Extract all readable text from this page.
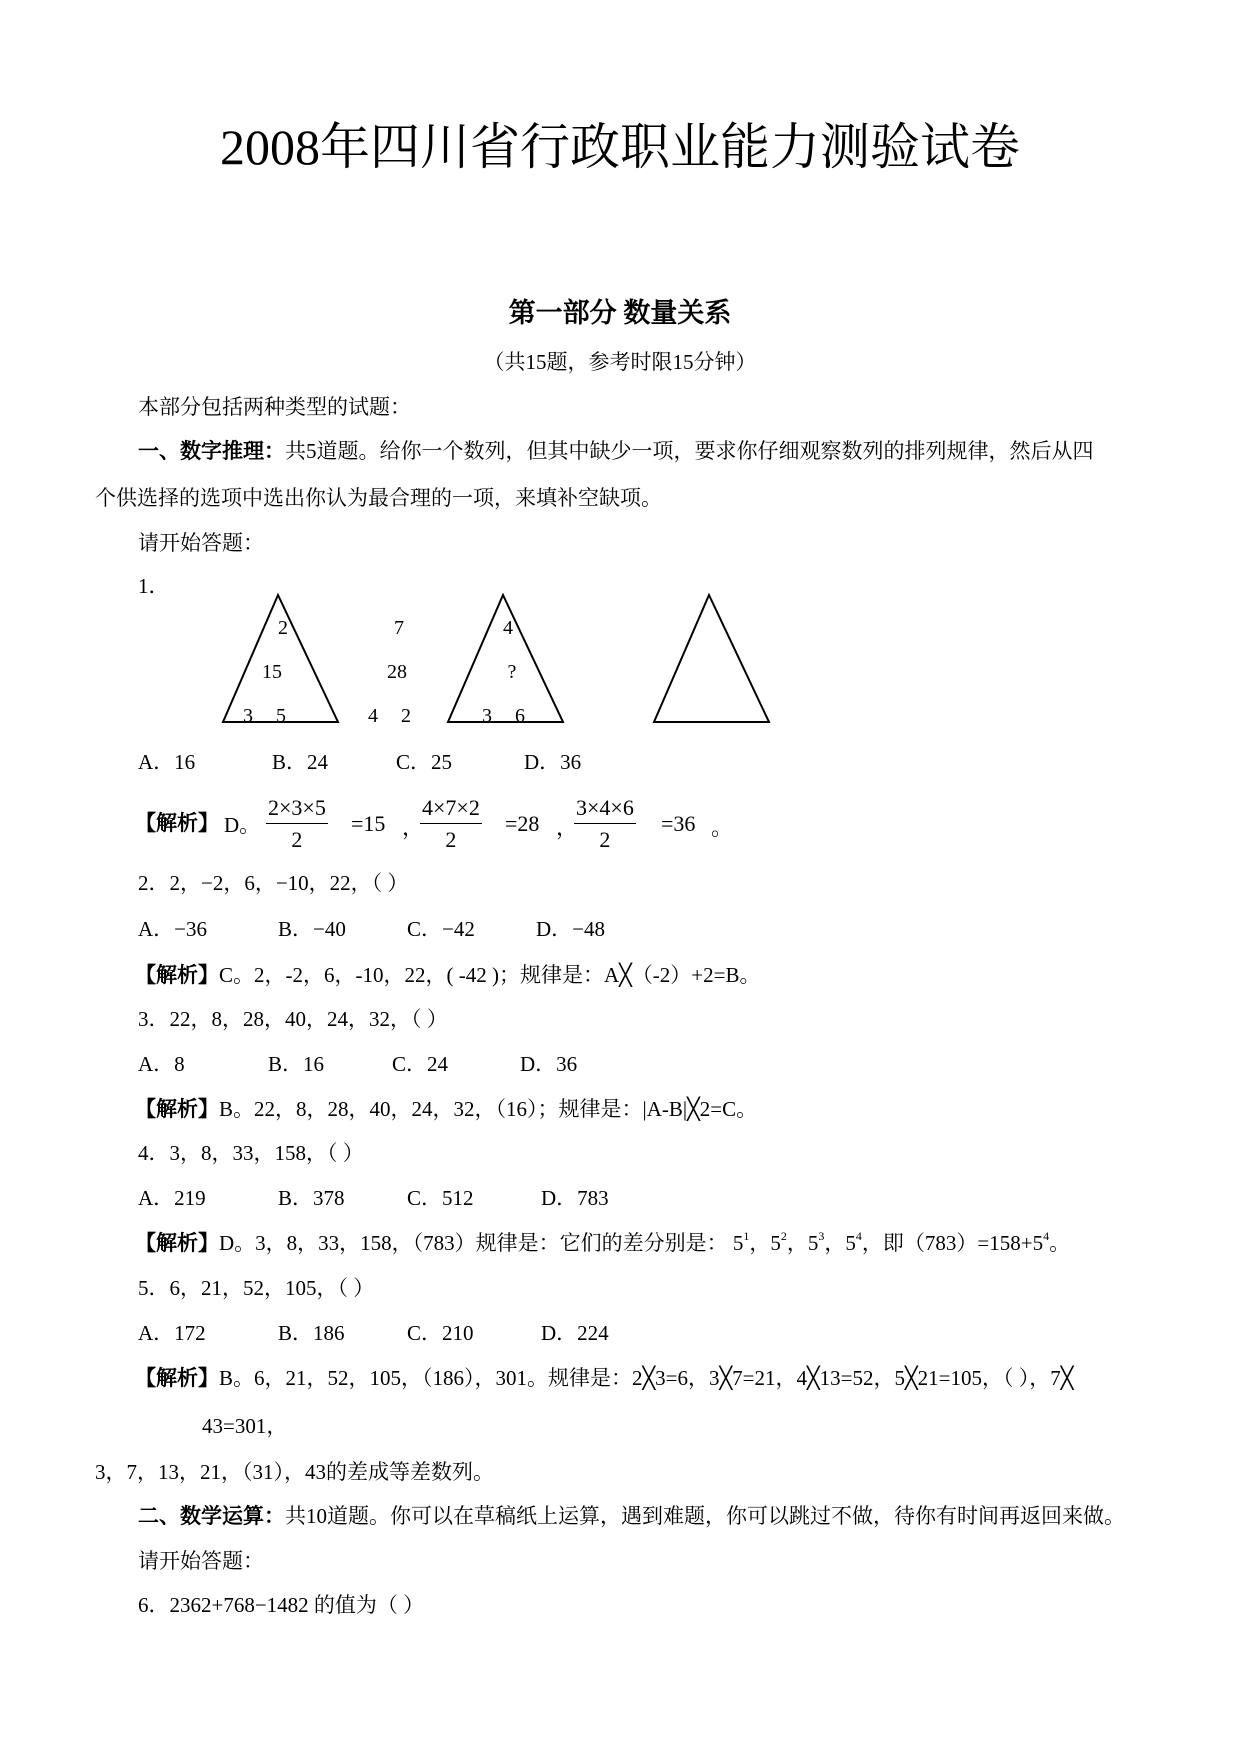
2008年四川省行政职业能力测验试卷
第一部分 数量关系
（共15题，参考时限15分钟）
本部分包括两种类型的试题：
一、数字推理：共5道题。给你一个数列，但其中缺少一项，要求你仔细观察数列的排列规律，然后从四
个供选择的选项中选出你认为最合理的一项，来填补空缺项。
请开始答题：
1．
2
15
3 5
7
28
4 2
4
?
3 6
A．16	B．24	C．25	D．36
【解析】 D。 $\frac{2\times 3\times 5}{2} =15$ ，
$\frac{4\times 7\times 2}{2} =28$ ，
$\frac{3\times 4\times 6}{2} =36$ 。
2．2，−2，6，−10，22，（ ）
A．−36	B．−40	C．−42	D．−48
【解析】C。2，-2，6，-10，22，( -42 )；规律是：A╳（-2）+2=B。
3．22，8，28，40，24，32，（ ）
A．8	B．16	C．24	D．36
【解析】B。22，8，28，40，24，32，（16）；规律是：|A-B|╳2=C。
4．3，8，33，158，（ ）
A．219	B．378	C．512	D．783
【解析】D。3，8，33，158，（783）规律是：它们的差分别是： $5^1$，$5^2$，$5^3$，$5^4$，即$(783)=158+5^4$。
5．6，21，52，105，（ ）
A．172	B．186	C．210	D．224
【解析】B。6，21，52，105，（186），301。规律是：2╳3=6，3╳7=21，4╳13=52，5╳21=105，（ ），7╳
43=301，
3，7，13，21，（31），43的差成等差数列。
二、数学运算：共10道题。你可以在草稿纸上运算，遇到难题，你可以跳过不做，待你有时间再返回来做。
请开始答题：
6．2362+768−1482 的值为（ ）
